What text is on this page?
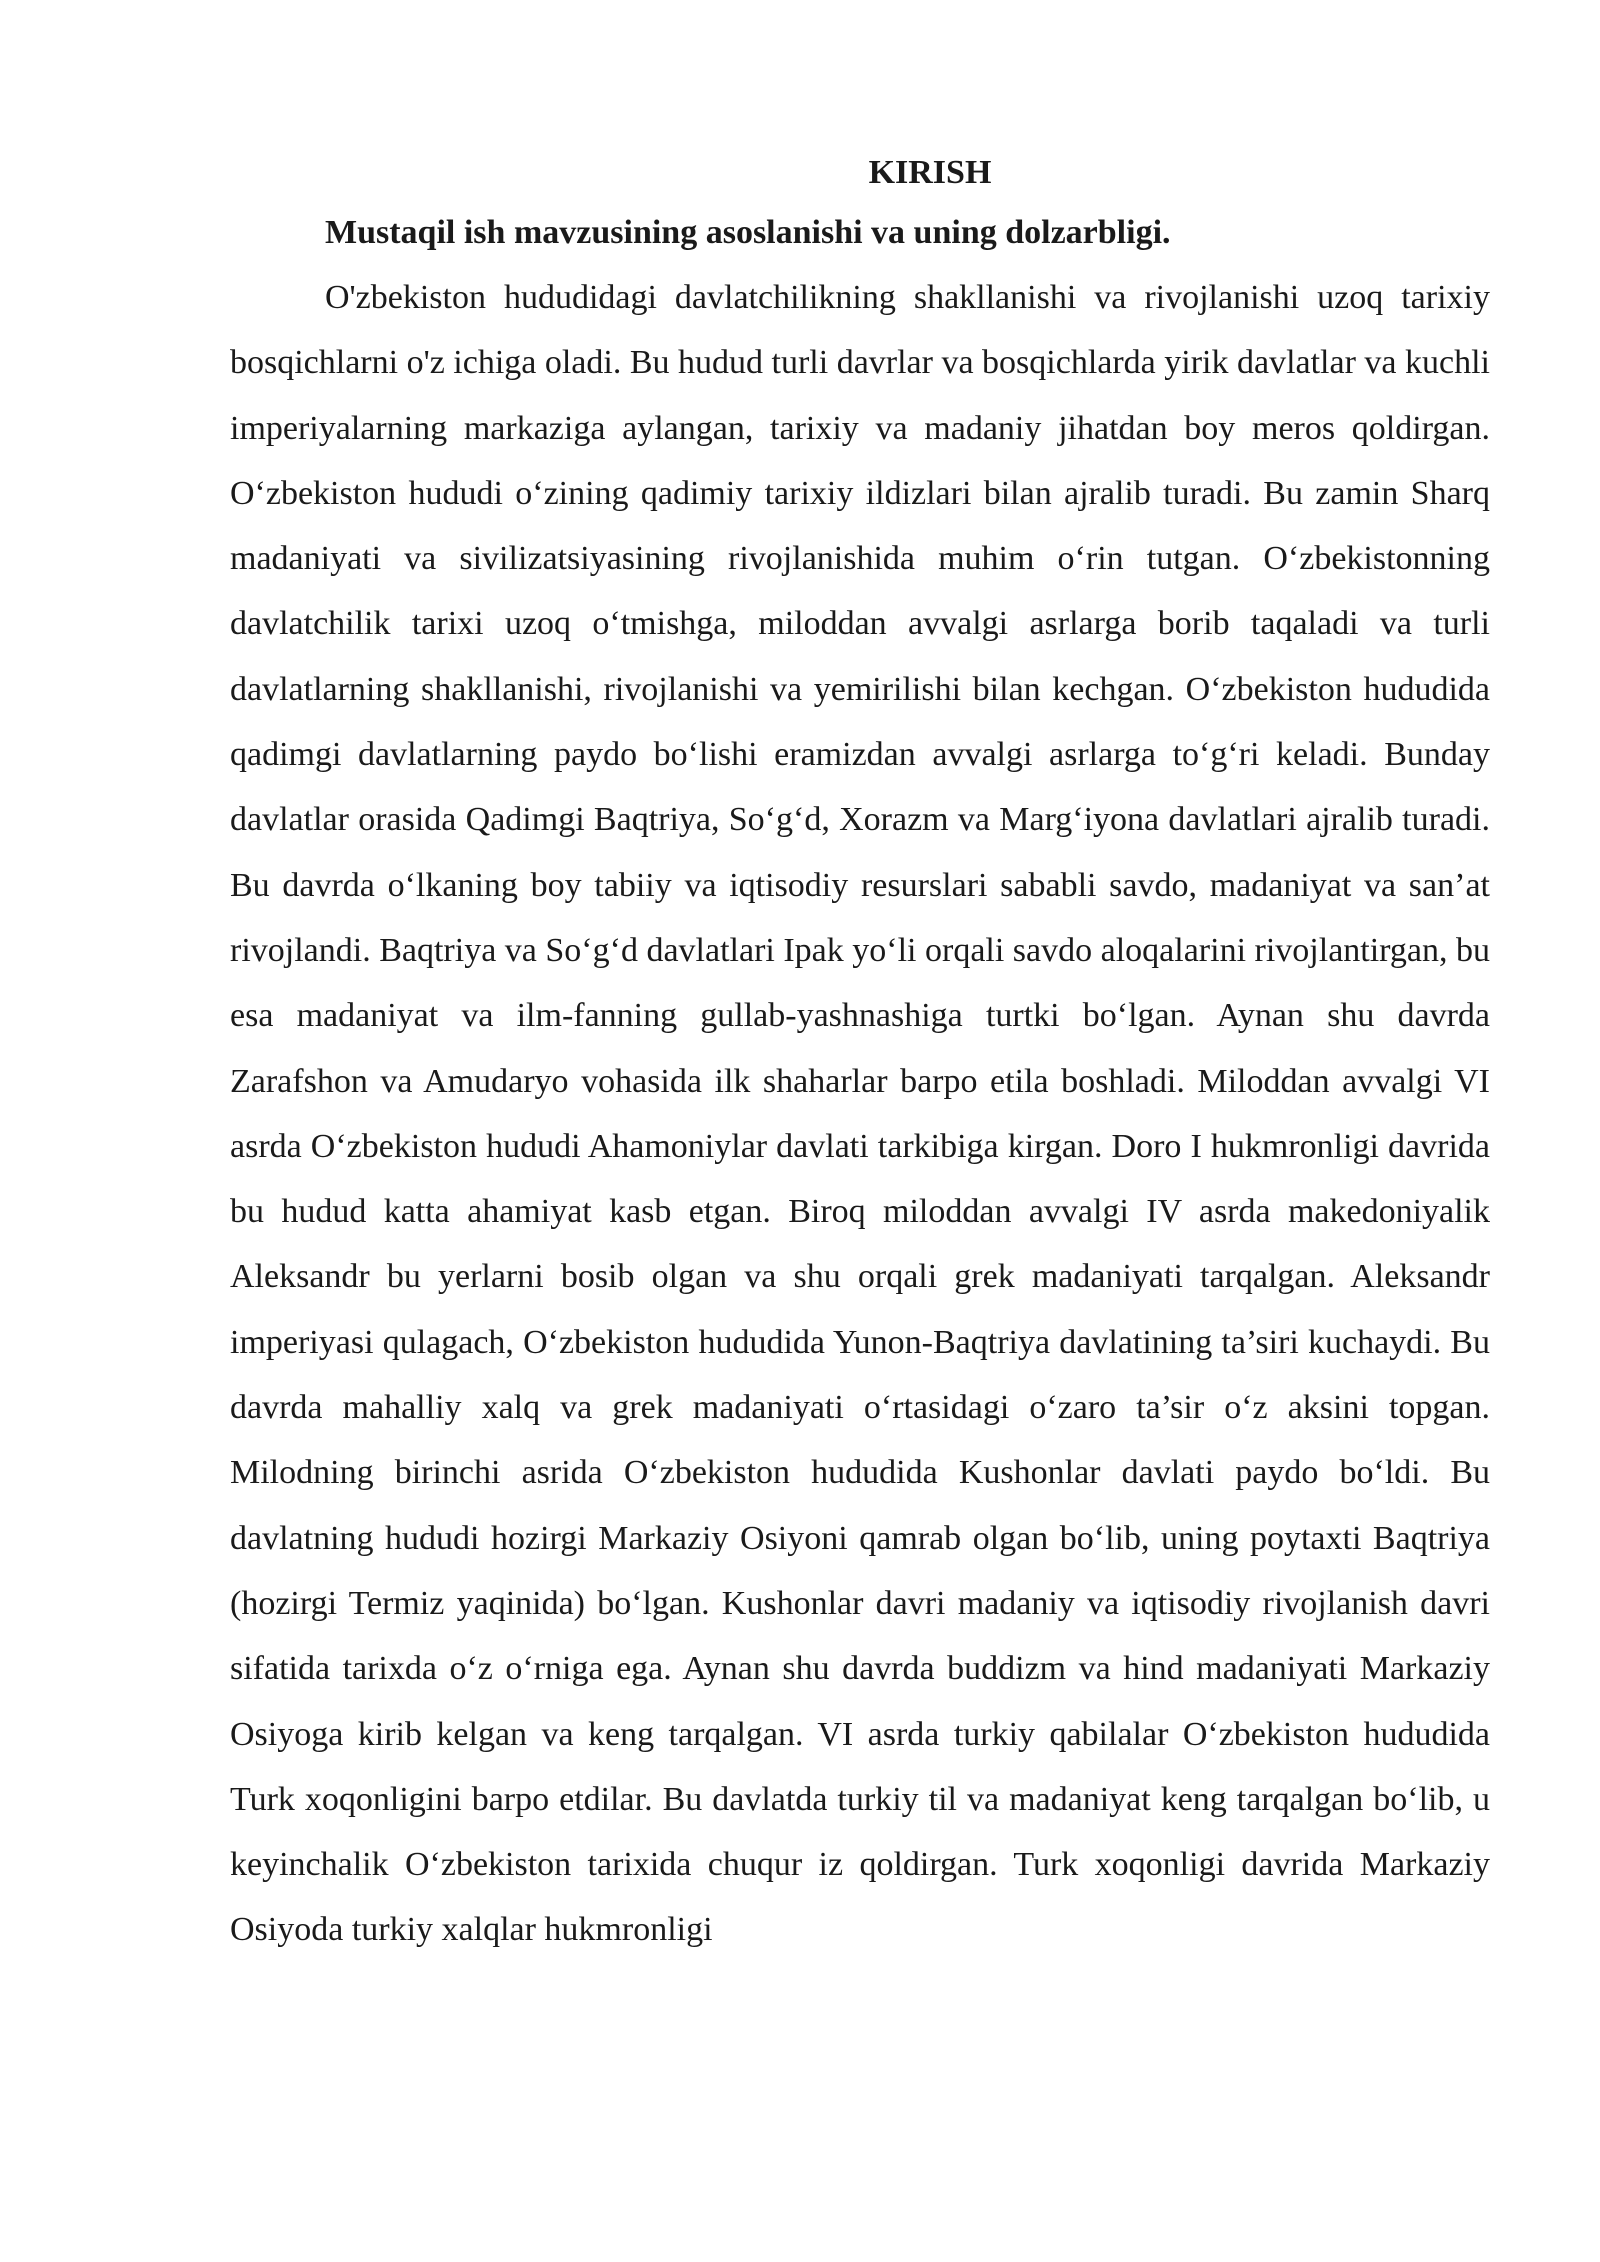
KIRISH

Mustaqil ish mavzusining asoslanishi va uning dolzarbligi.

O'zbekiston hududidagi davlatchilikning shakllanishi va rivojlanishi uzoq tarixiy bosqichlarni o'z ichiga oladi. Bu hudud turli davrlar va bosqichlarda yirik davlatlar va kuchli imperiyalarning markaziga aylangan, tarixiy va madaniy jihatdan boy meros qoldirgan. O‘zbekiston hududi o‘zining qadimiy tarixiy ildizlari bilan ajralib turadi. Bu zamin Sharq madaniyati va sivilizatsiyasining rivojlanishida muhim o‘rin tutgan. O‘zbekistonning davlatchilik tarixi uzoq o‘tmishga, miloddan avvalgi asrlarga borib taqaladi va turli davlatlarning shakllanishi, rivojlanishi va yemirilishi bilan kechgan. O‘zbekiston hududida qadimgi davlatlarning paydo bo‘lishi eramizdan avvalgi asrlarga to‘g‘ri keladi. Bunday davlatlar orasida Qadimgi Baqtriya, So‘g‘d, Xorazm va Marg‘iyona davlatlari ajralib turadi. Bu davrda o‘lkaning boy tabiiy va iqtisodiy resurslari sababli savdo, madaniyat va san’at rivojlandi. Baqtriya va So‘g‘d davlatlari Ipak yo‘li orqali savdo aloqalarini rivojlantirgan, bu esa madaniyat va ilm-fanning gullab-yashnashiga turtki bo‘lgan. Aynan shu davrda Zarafshon va Amudaryo vohasida ilk shaharlar barpo etila boshladi. Miloddan avvalgi VI asrda O‘zbekiston hududi Ahamoniylar davlati tarkibiga kirgan. Doro I hukmronligi davrida bu hudud katta ahamiyat kasb etgan. Biroq miloddan avvalgi IV asrda makedoniyalik Aleksandr bu yerlarni bosib olgan va shu orqali grek madaniyati tarqalgan. Aleksandr imperiyasi qulagach, O‘zbekiston hududida Yunon-Baqtriya davlatining ta’siri kuchaydi. Bu davrda mahalliy xalq va grek madaniyati o‘rtasidagi o‘zaro ta’sir o‘z aksini topgan. Milodning birinchi asrida O‘zbekiston hududida Kushonlar davlati paydo bo‘ldi. Bu davlatning hududi hozirgi Markaziy Osiyoni qamrab olgan bo‘lib, uning poytaxti Baqtriya (hozirgi Termiz yaqinida) bo‘lgan. Kushonlar davri madaniy va iqtisodiy rivojlanish davri sifatida tarixda o‘z o‘rniga ega. Aynan shu davrda buddizm va hind madaniyati Markaziy Osiyoga kirib kelgan va keng tarqalgan. VI asrda turkiy qabilalar O‘zbekiston hududida Turk xoqonligini barpo etdilar. Bu davlatda turkiy til va madaniyat keng tarqalgan bo‘lib, u keyinchalik O‘zbekiston tarixida chuqur iz qoldirgan. Turk xoqonligi davrida Markaziy Osiyoda turkiy xalqlar hukmronligi
